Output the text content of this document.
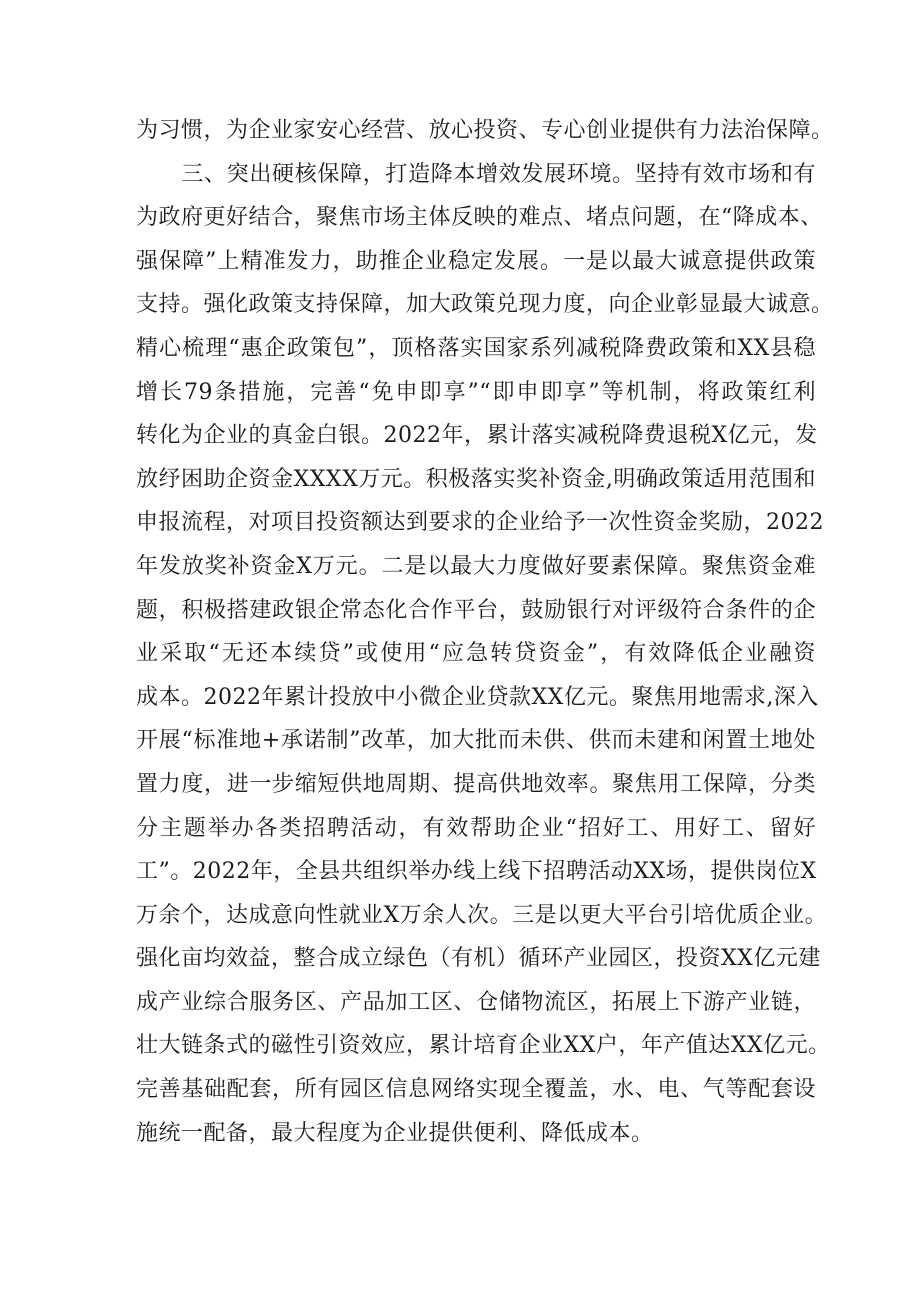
为习惯，为企业家安心经营、放心投资、专心创业提供有力法治保障。
　　三、突出硬核保障，打造降本增效发展环境。坚持有效市场和有
为政府更好结合，聚焦市场主体反映的难点、堵点问题，在“降成本、
强保障”上精准发力，助推企业稳定发展。一是以最大诚意提供政策
支持。强化政策支持保障，加大政策兑现力度，向企业彰显最大诚意。
精心梳理“惠企政策包”，顶格落实国家系列减税降费政策和XX县稳
增长79条措施，完善“免申即享”“即申即享”等机制，将政策红利
转化为企业的真金白银。2022年，累计落实减税降费退税X亿元，发
放纾困助企资金XXXX万元。积极落实奖补资金,明确政策适用范围和
申报流程，对项目投资额达到要求的企业给予一次性资金奖励，2022
年发放奖补资金X万元。二是以最大力度做好要素保障。聚焦资金难
题，积极搭建政银企常态化合作平台，鼓励银行对评级符合条件的企
业采取“无还本续贷”或使用“应急转贷资金”，有效降低企业融资
成本。2022年累计投放中小微企业贷款XX亿元。聚焦用地需求,深入
开展“标准地+承诺制”改革，加大批而未供、供而未建和闲置土地处
置力度，进一步缩短供地周期、提高供地效率。聚焦用工保障，分类
分主题举办各类招聘活动，有效帮助企业“招好工、用好工、留好
工”。2022年，全县共组织举办线上线下招聘活动XX场，提供岗位X
万余个，达成意向性就业X万余人次。三是以更大平台引培优质企业。
强化亩均效益，整合成立绿色（有机）循环产业园区，投资XX亿元建
成产业综合服务区、产品加工区、仓储物流区，拓展上下游产业链，
壮大链条式的磁性引资效应，累计培育企业XX户，年产值达XX亿元。
完善基础配套，所有园区信息网络实现全覆盖，水、电、气等配套设
施统一配备，最大程度为企业提供便利、降低成本。
